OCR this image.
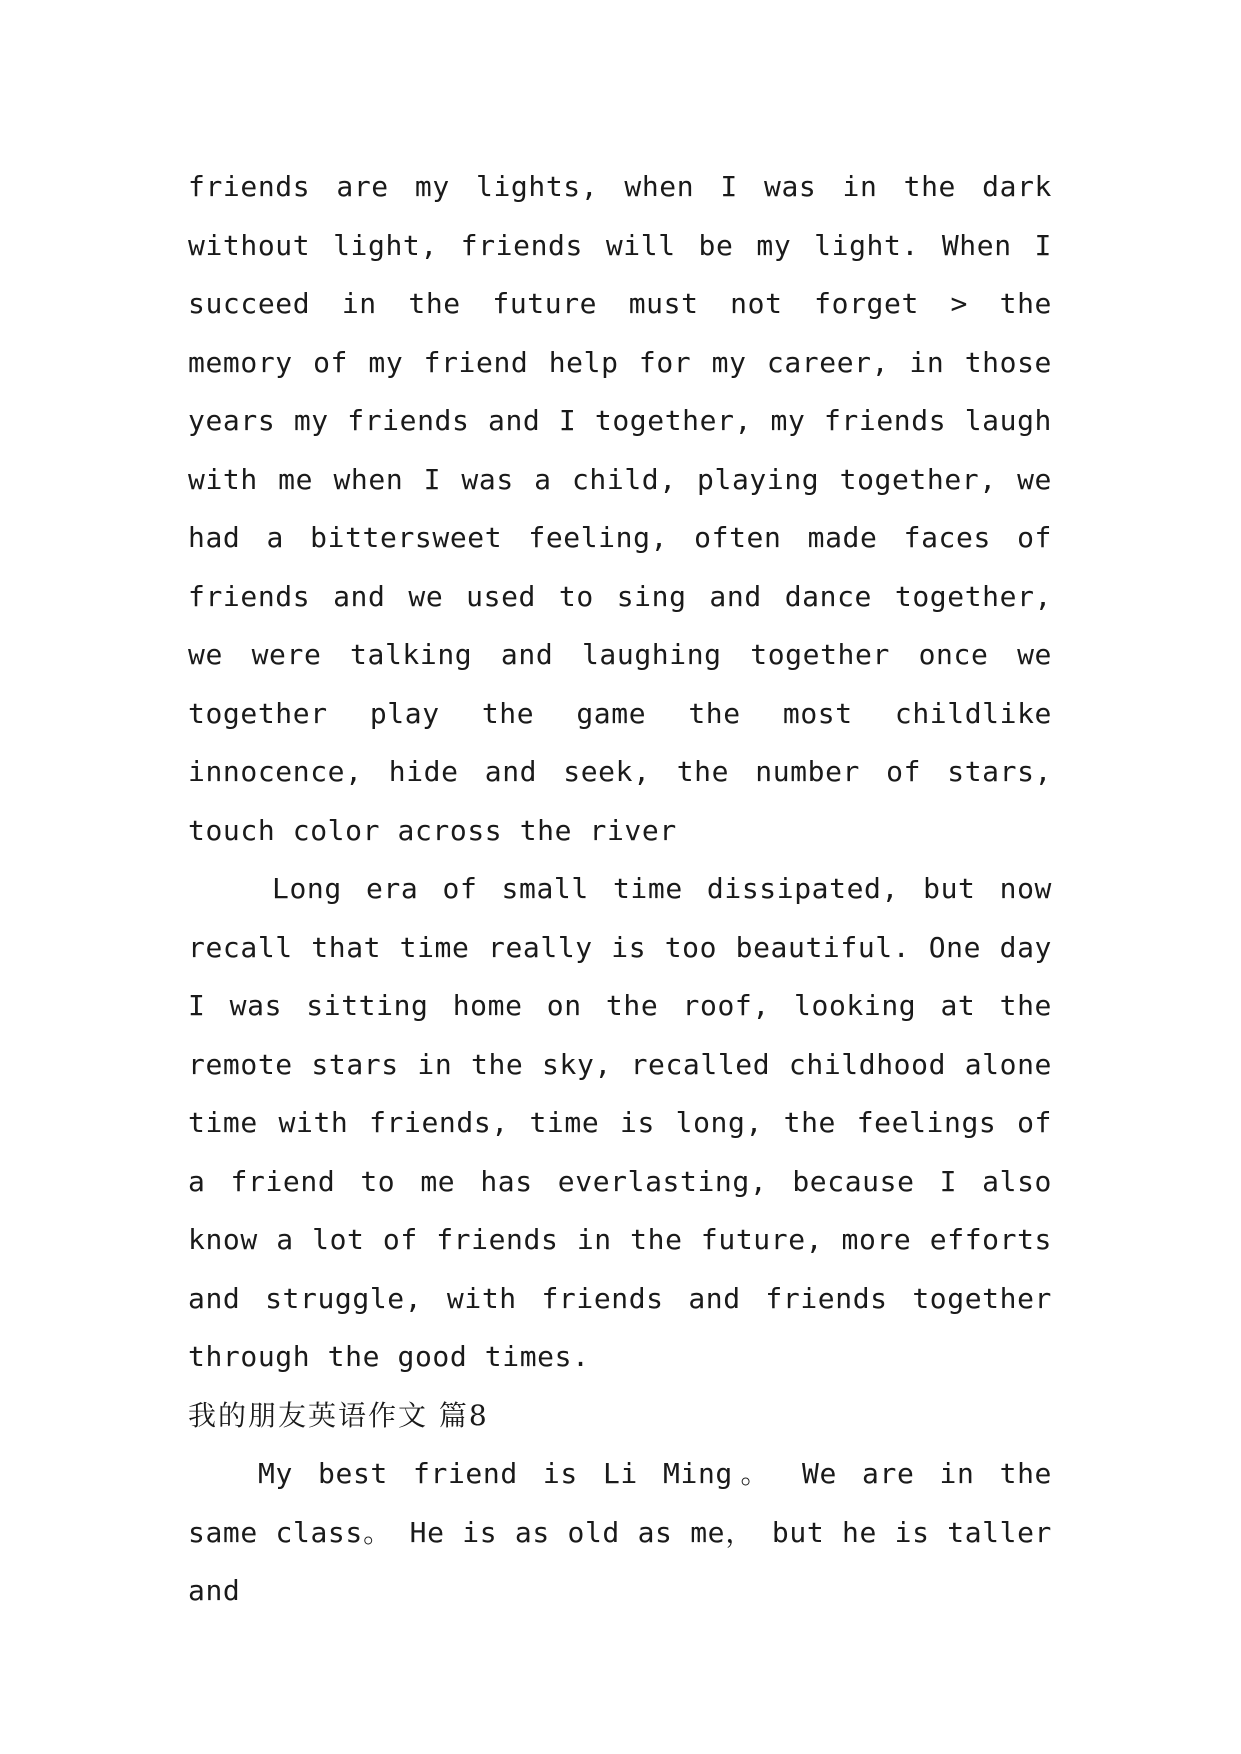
friends are my lights, when I was in the dark without light, friends will be my light. When I succeed in the future must not forget > the memory of my friend help for my career, in those years my friends and I together, my friends laugh with me when I was a child, playing together, we had a bittersweet feeling, often made faces of friends and we used to sing and dance together, we were talking and laughing together once we together play the game the most childlike innocence, hide and seek, the number of stars, touch color across the river

Long era of small time dissipated, but now recall that time really is too beautiful. One day I was sitting home on the roof, looking at the remote stars in the sky, recalled childhood alone time with friends, time is long, the feelings of a friend to me has everlasting, because I also know a lot of friends in the future, more efforts and struggle, with friends and friends together through the good times.

我的朋友英语作文 篇8

My best friend is Li Ming。 We are in the same class。 He is as old as me， but he is taller and
